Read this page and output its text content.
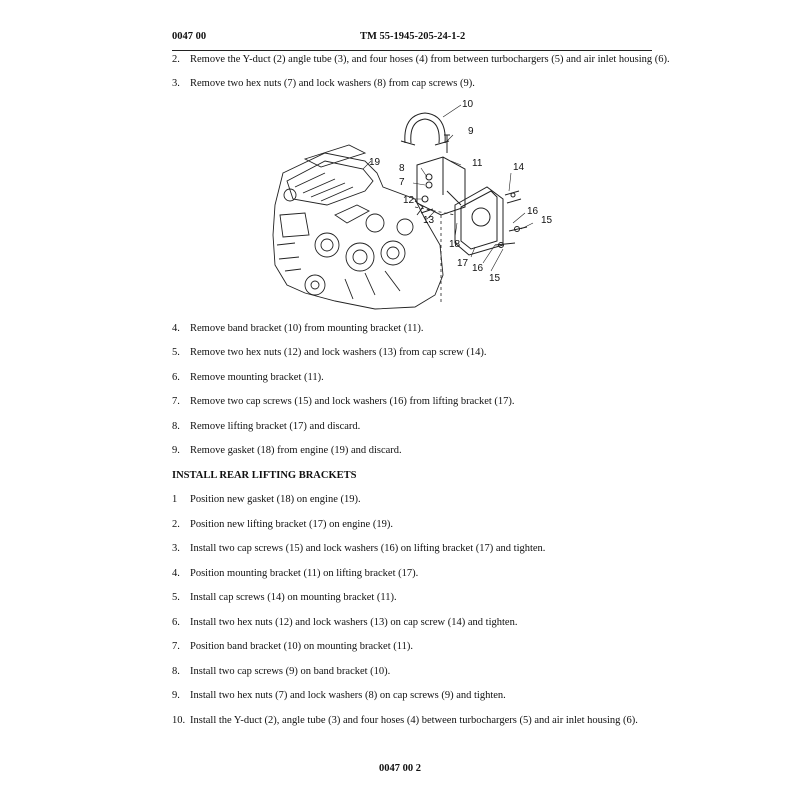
0047 00	TM 55-1945-205-24-1-2
2. Remove the Y-duct (2) angle tube (3), and four hoses (4) from between turbochargers (5) and air inlet housing (6).
3. Remove two hex nuts (7) and lock washers (8) from cap screws (9).
10
9
19
8	11
7
14
12
16
13	15
18
17 16
15
4. Remove band bracket (10) from mounting bracket (11).
5. Remove two hex nuts (12) and lock washers (13) from cap screw (14).
6. Remove mounting bracket (11).
7. Remove two cap screws (15) and lock washers (16) from lifting bracket (17).
8. Remove lifting bracket (17) and discard.
9. Remove gasket (18) from engine (19) and discard.
INSTALL REAR LIFTING BRACKETS
1 Position new gasket (18) on engine (19).
2. Position new lifting bracket (17) on engine (19).
3. Install two cap screws (15) and lock washers (16) on lifting bracket (17) and tighten.
4. Position mounting bracket (11) on lifting bracket (17).
5. Install cap screws (14) on mounting bracket (11).
6. Install two hex nuts (12) and lock washers (13) on cap screw (14) and tighten.
7. Position band bracket (10) on mounting bracket (11).
8. Install two cap screws (9) on band bracket (10).
9. Install two hex nuts (7) and lock washers (8) on cap screws (9) and tighten.
10. Install the Y-duct (2), angle tube (3) and four hoses (4) between turbochargers (5) and air inlet housing (6).
0047 00 2
